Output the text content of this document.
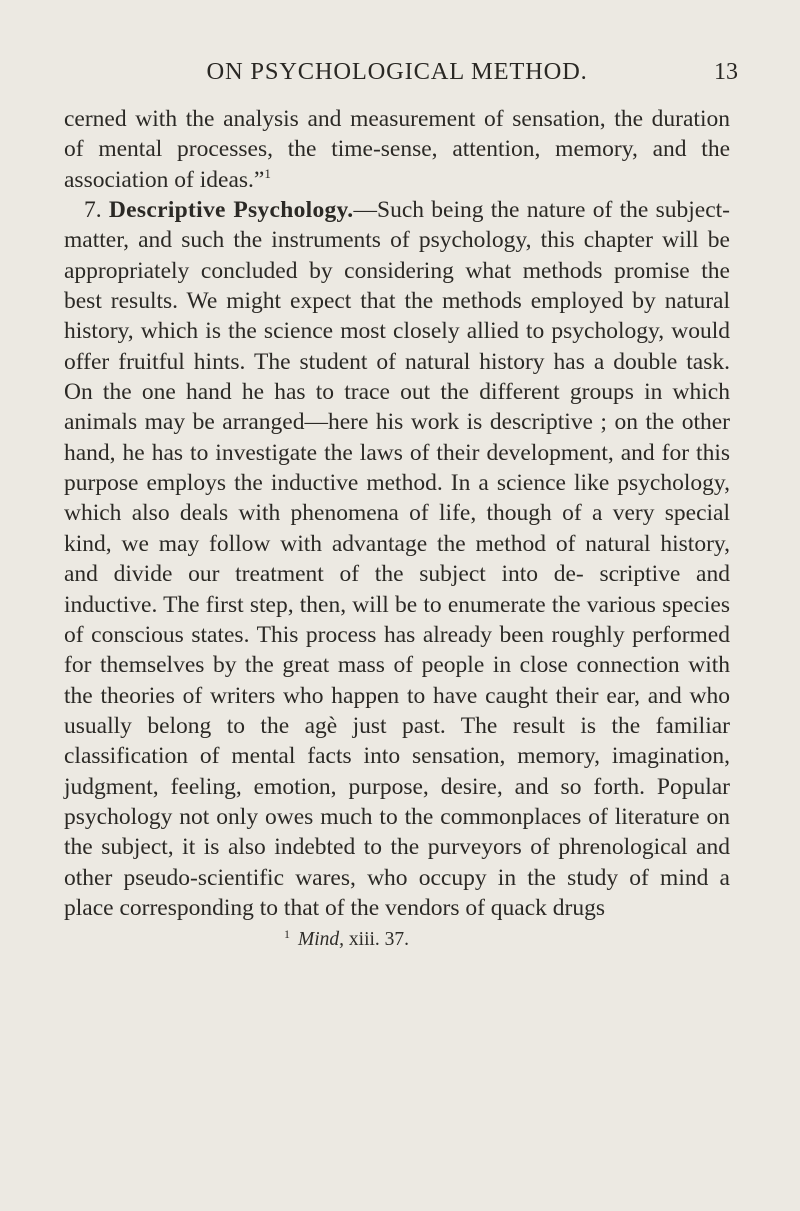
ON PSYCHOLOGICAL METHOD.	13

cerned with the analysis and measurement of sensation, the duration of mental processes, the time-sense, attention, memory, and the association of ideas.”$^1$

7. Descriptive Psychology.—Such being the nature of the subject-matter, and such the instruments of psychology, this chapter will be appropriately concluded by considering what methods promise the best results. We might expect that the methods employed by natural history, which is the science most closely allied to psychology, would offer fruitful hints. The student of natural history has a double task. On the one hand he has to trace out the different groups in which animals may be arranged—here his work is descriptive ; on the other hand, he has to investigate the laws of their development, and for this purpose employs the inductive method. In a science like psychology, which also deals with phenomena of life, though of a very special kind, we may follow with advantage the method of natural history, and divide our treatment of the subject into de- scriptive and inductive. The first step, then, will be to enumerate the various species of conscious states. This process has already been roughly performed for themselves by the great mass of people in close connection with the theories of writers who happen to have caught their ear, and who usually belong to the agè just past. The result is the familiar classification of mental facts into sensation, memory, imagination, judgment, feeling, emotion, purpose, desire, and so forth. Popular psychology not only owes much to the commonplaces of literature on the subject, it is also indebted to the purveyors of phrenological and other pseudo-scientific wares, who occupy in the study of mind a place corresponding to that of the vendors of quack drugs

$^1$ Mind, xiii. 37.
